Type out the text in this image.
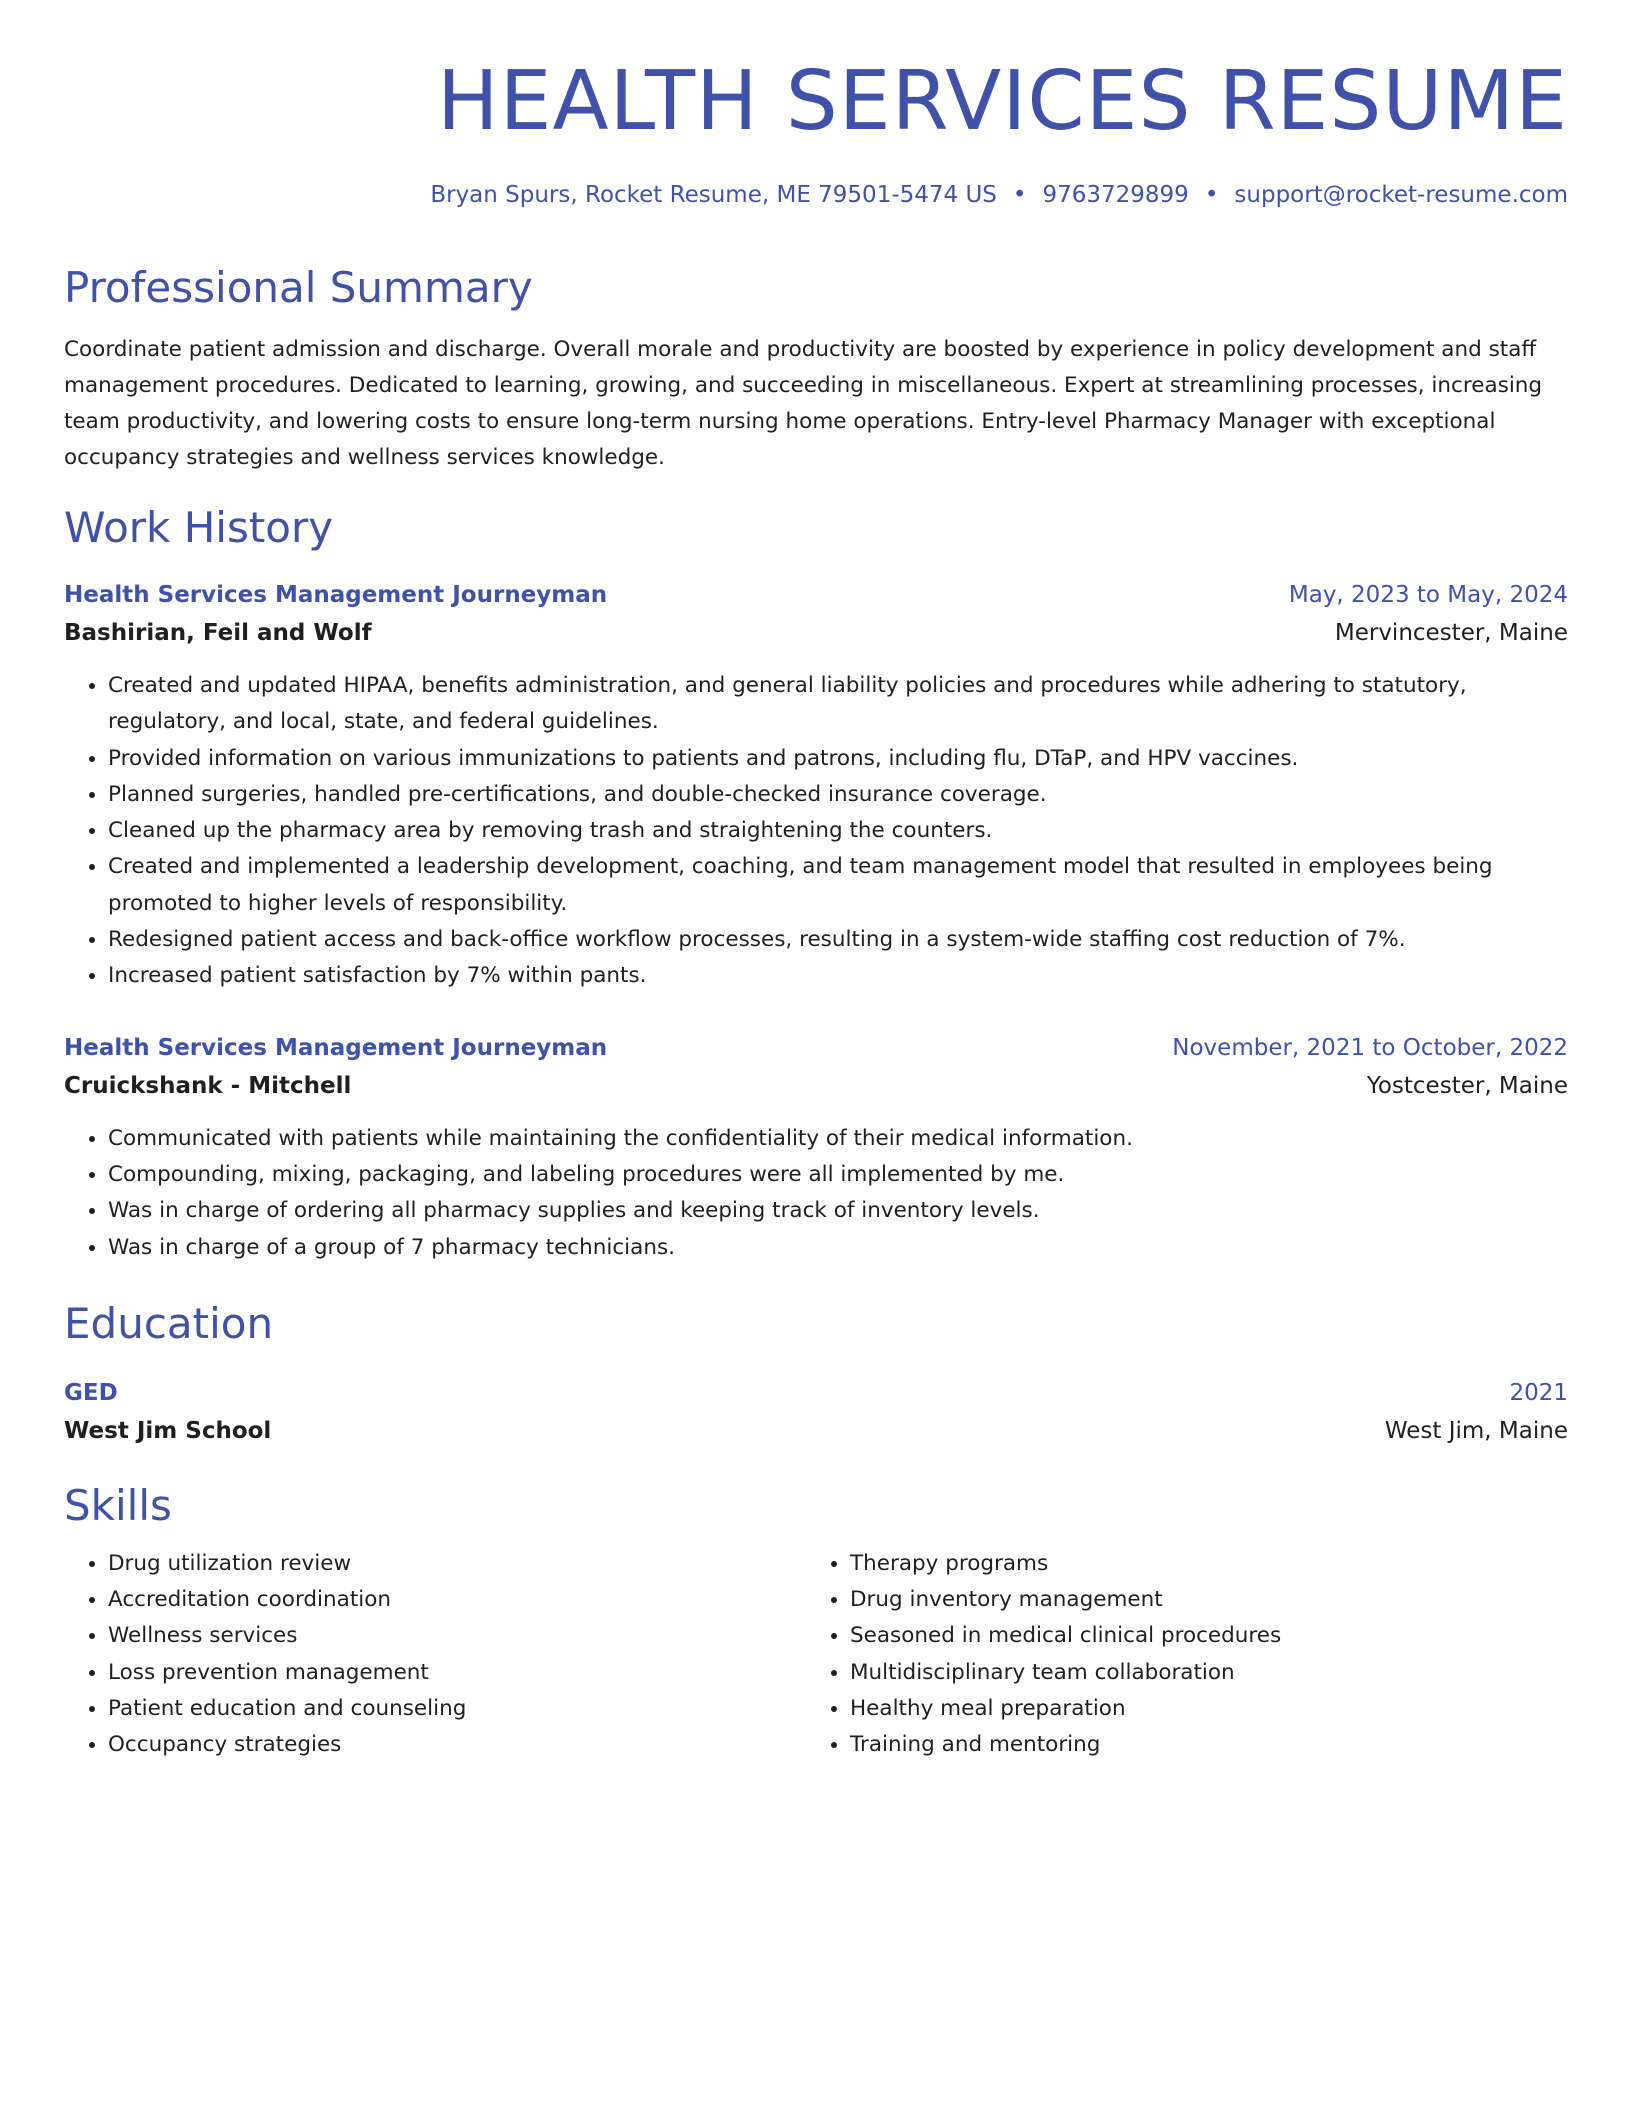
HEALTH SERVICES RESUME
Bryan Spurs, Rocket Resume, ME 79501-5474 US • 9763729899 • support@rocket-resume.com
Professional Summary
Coordinate patient admission and discharge. Overall morale and productivity are boosted by experience in policy development and staff management procedures. Dedicated to learning, growing, and succeeding in miscellaneous. Expert at streamlining processes, increasing team productivity, and lowering costs to ensure long-term nursing home operations. Entry-level Pharmacy Manager with exceptional occupancy strategies and wellness services knowledge.
Work History
Health Services Management Journeyman	May, 2023 to May, 2024
Bashirian, Feil and Wolf	Mervincester, Maine
• Created and updated HIPAA, benefits administration, and general liability policies and procedures while adhering to statutory, regulatory, and local, state, and federal guidelines.
• Provided information on various immunizations to patients and patrons, including flu, DTaP, and HPV vaccines.
• Planned surgeries, handled pre-certifications, and double-checked insurance coverage.
• Cleaned up the pharmacy area by removing trash and straightening the counters.
• Created and implemented a leadership development, coaching, and team management model that resulted in employees being promoted to higher levels of responsibility.
• Redesigned patient access and back-office workflow processes, resulting in a system-wide staffing cost reduction of 7%.
• Increased patient satisfaction by 7% within pants.
Health Services Management Journeyman	November, 2021 to October, 2022
Cruickshank - Mitchell	Yostcester, Maine
• Communicated with patients while maintaining the confidentiality of their medical information.
• Compounding, mixing, packaging, and labeling procedures were all implemented by me.
• Was in charge of ordering all pharmacy supplies and keeping track of inventory levels.
• Was in charge of a group of 7 pharmacy technicians.
Education
GED	2021
West Jim School	West Jim, Maine
Skills
• Drug utilization review
• Accreditation coordination
• Wellness services
• Loss prevention management
• Patient education and counseling
• Occupancy strategies
• Therapy programs
• Drug inventory management
• Seasoned in medical clinical procedures
• Multidisciplinary team collaboration
• Healthy meal preparation
• Training and mentoring
